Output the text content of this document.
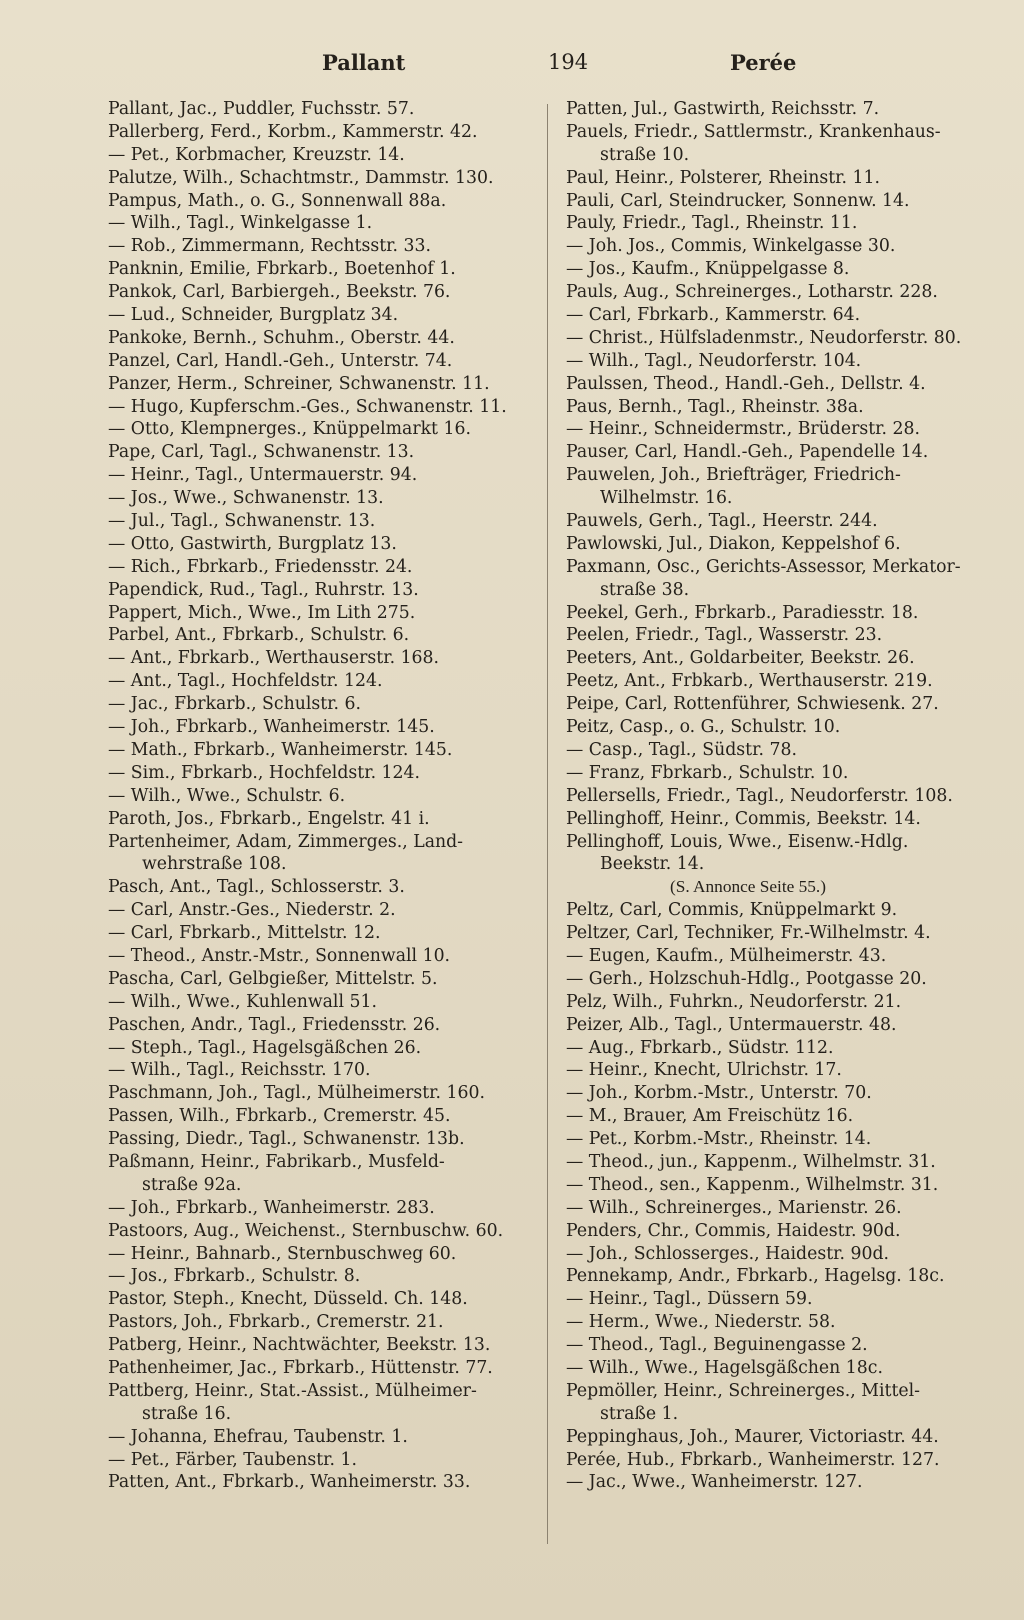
Pallant	194	Perée
Pallant, Jac., Puddler, Fuchsstr. 57.
Pallerberg, Ferd., Korbm., Kammerstr. 42.
— Pet., Korbmacher, Kreuzstr. 14.
Palutze, Wilh., Schachtmstr., Dammstr. 130.
Pampus, Math., o. G., Sonnenwall 88a.
— Wilh., Tagl., Winkelgasse 1.
— Rob., Zimmermann, Rechtsstr. 33.
Panknin, Emilie, Fbrkarb., Boetenhof 1.
Pankok, Carl, Barbiergeh., Beekstr. 76.
— Lud., Schneider, Burgplatz 34.
Pankoke, Bernh., Schuhm., Oberstr. 44.
Panzel, Carl, Handl.-Geh., Unterstr. 74.
Panzer, Herm., Schreiner, Schwanenstr. 11.
— Hugo, Kupferschm.-Ges., Schwanenstr. 11.
— Otto, Klempnerges., Knüppelmarkt 16.
Pape, Carl, Tagl., Schwanenstr. 13.
— Heinr., Tagl., Untermauerstr. 94.
— Jos., Wwe., Schwanenstr. 13.
— Jul., Tagl., Schwanenstr. 13.
— Otto, Gastwirth, Burgplatz 13.
— Rich., Fbrkarb., Friedensstr. 24.
Papendick, Rud., Tagl., Ruhrstr. 13.
Pappert, Mich., Wwe., Im Lith 275.
Parbel, Ant., Fbrkarb., Schulstr. 6.
— Ant., Fbrkarb., Werthauserstr. 168.
— Ant., Tagl., Hochfeldstr. 124.
— Jac., Fbrkarb., Schulstr. 6.
— Joh., Fbrkarb., Wanheimerstr. 145.
— Math., Fbrkarb., Wanheimerstr. 145.
— Sim., Fbrkarb., Hochfeldstr. 124.
— Wilh., Wwe., Schulstr. 6.
Paroth, Jos., Fbrkarb., Engelstr. 41 i.
Partenheimer, Adam, Zimmerges., Land-
wehrstraße 108.
Pasch, Ant., Tagl., Schlosserstr. 3.
— Carl, Anstr.-Ges., Niederstr. 2.
— Carl, Fbrkarb., Mittelstr. 12.
— Theod., Anstr.-Mstr., Sonnenwall 10.
Pascha, Carl, Gelbgießer, Mittelstr. 5.
— Wilh., Wwe., Kuhlenwall 51.
Paschen, Andr., Tagl., Friedensstr. 26.
— Steph., Tagl., Hagelsgäßchen 26.
— Wilh., Tagl., Reichsstr. 170.
Paschmann, Joh., Tagl., Mülheimerstr. 160.
Passen, Wilh., Fbrkarb., Cremerstr. 45.
Passing, Diedr., Tagl., Schwanenstr. 13b.
Paßmann, Heinr., Fabrikarb., Musfeld-
straße 92a.
— Joh., Fbrkarb., Wanheimerstr. 283.
Pastoors, Aug., Weichenst., Sternbuschw. 60.
— Heinr., Bahnarb., Sternbuschweg 60.
— Jos., Fbrkarb., Schulstr. 8.
Pastor, Steph., Knecht, Düsseld. Ch. 148.
Pastors, Joh., Fbrkarb., Cremerstr. 21.
Patberg, Heinr., Nachtwächter, Beekstr. 13.
Pathenheimer, Jac., Fbrkarb., Hüttenstr. 77.
Pattberg, Heinr., Stat.-Assist., Mülheimer-
straße 16.
— Johanna, Ehefrau, Taubenstr. 1.
— Pet., Färber, Taubenstr. 1.
Patten, Ant., Fbrkarb., Wanheimerstr. 33.
Patten, Jul., Gastwirth, Reichsstr. 7.
Pauels, Friedr., Sattlermstr., Krankenhaus-
straße 10.
Paul, Heinr., Polsterer, Rheinstr. 11.
Pauli, Carl, Steindrucker, Sonnenw. 14.
Pauly, Friedr., Tagl., Rheinstr. 11.
— Joh. Jos., Commis, Winkelgasse 30.
— Jos., Kaufm., Knüppelgasse 8.
Pauls, Aug., Schreinerges., Lotharstr. 228.
— Carl, Fbrkarb., Kammerstr. 64.
— Christ., Hülfsladenmstr., Neudorferstr. 80.
— Wilh., Tagl., Neudorferstr. 104.
Paulssen, Theod., Handl.-Geh., Dellstr. 4.
Paus, Bernh., Tagl., Rheinstr. 38a.
— Heinr., Schneidermstr., Brüderstr. 28.
Pauser, Carl, Handl.-Geh., Papendelle 14.
Pauwelen, Joh., Briefträger, Friedrich-
Wilhelmstr. 16.
Pauwels, Gerh., Tagl., Heerstr. 244.
Pawlowski, Jul., Diakon, Keppelshof 6.
Paxmann, Osc., Gerichts-Assessor, Merkator-
straße 38.
Peekel, Gerh., Fbrkarb., Paradiesstr. 18.
Peelen, Friedr., Tagl., Wasserstr. 23.
Peeters, Ant., Goldarbeiter, Beekstr. 26.
Peetz, Ant., Frbkarb., Werthauserstr. 219.
Peipe, Carl, Rottenführer, Schwiesenk. 27.
Peitz, Casp., o. G., Schulstr. 10.
— Casp., Tagl., Südstr. 78.
— Franz, Fbrkarb., Schulstr. 10.
Pellersells, Friedr., Tagl., Neudorferstr. 108.
Pellinghoff, Heinr., Commis, Beekstr. 14.
Pellinghoff, Louis, Wwe., Eisenw.-Hdlg.
Beekstr. 14.
(S. Annonce Seite 55.)
Peltz, Carl, Commis, Knüppelmarkt 9.
Peltzer, Carl, Techniker, Fr.-Wilhelmstr. 4.
— Eugen, Kaufm., Mülheimerstr. 43.
— Gerh., Holzschuh-Hdlg., Pootgasse 20.
Pelz, Wilh., Fuhrkn., Neudorferstr. 21.
Peizer, Alb., Tagl., Untermauerstr. 48.
— Aug., Fbrkarb., Südstr. 112.
— Heinr., Knecht, Ulrichstr. 17.
— Joh., Korbm.-Mstr., Unterstr. 70.
— M., Brauer, Am Freischütz 16.
— Pet., Korbm.-Mstr., Rheinstr. 14.
— Theod., jun., Kappenm., Wilhelmstr. 31.
— Theod., sen., Kappenm., Wilhelmstr. 31.
— Wilh., Schreinerges., Marienstr. 26.
Penders, Chr., Commis, Haidestr. 90d.
— Joh., Schlosserges., Haidestr. 90d.
Pennekamp, Andr., Fbrkarb., Hagelsg. 18c.
— Heinr., Tagl., Düssern 59.
— Herm., Wwe., Niederstr. 58.
— Theod., Tagl., Beguinengasse 2.
— Wilh., Wwe., Hagelsgäßchen 18c.
Pepmöller, Heinr., Schreinerges., Mittel-
straße 1.
Peppinghaus, Joh., Maurer, Victoriastr. 44.
Perée, Hub., Fbrkarb., Wanheimerstr. 127.
— Jac., Wwe., Wanheimerstr. 127.
